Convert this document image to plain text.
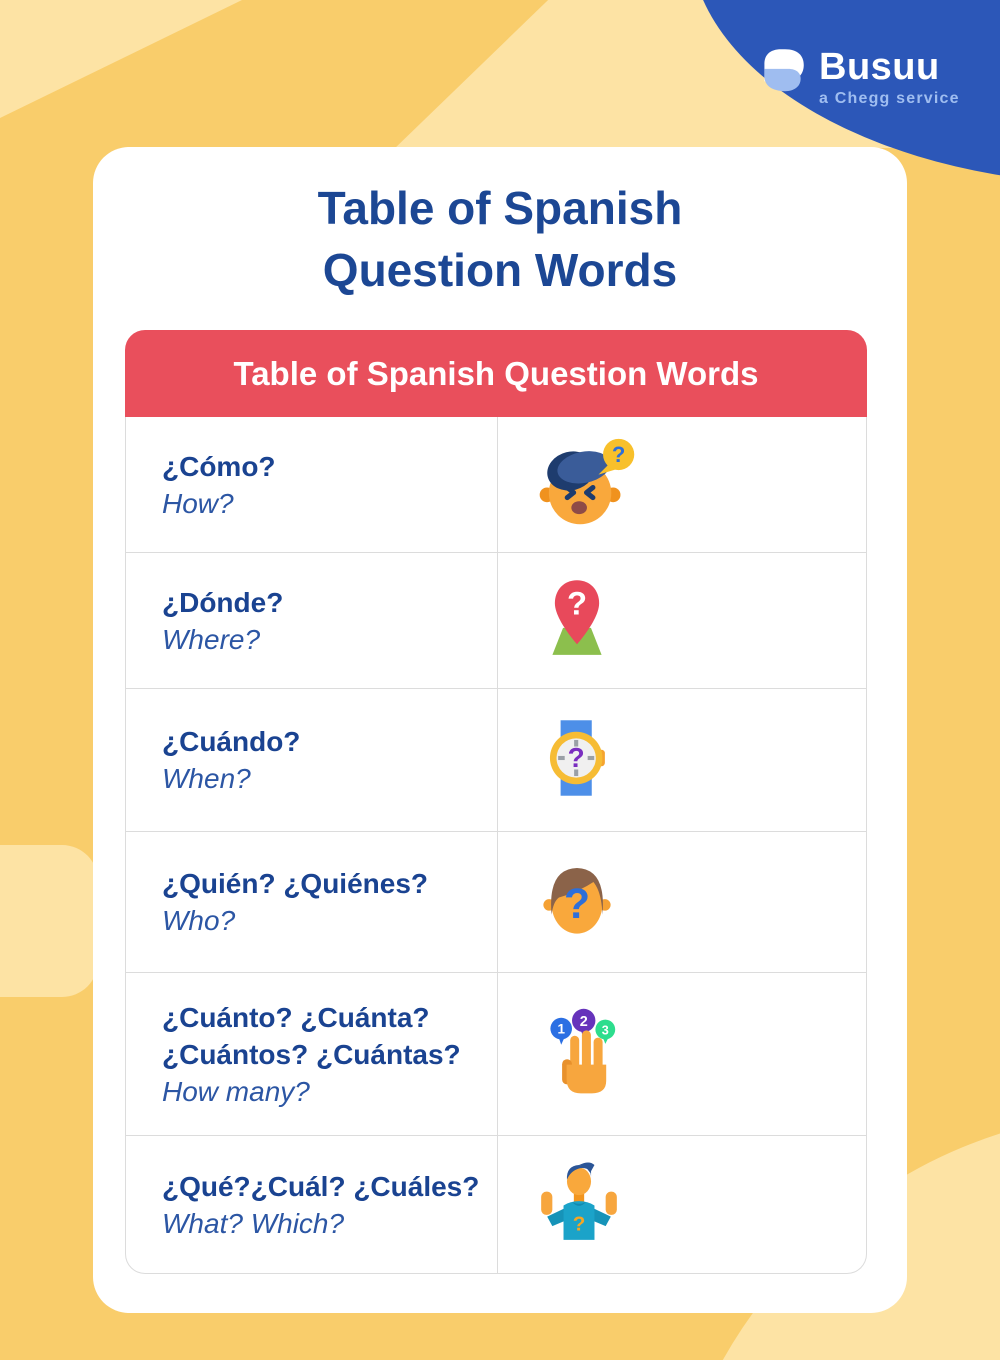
Busuu
a Chegg service
Table of Spanish
Question Words
Table of Spanish Question Words
¿Cómo?
How?
?
¿Dónde?
Where?
?
¿Cuándo?
When?
?
¿Quién? ¿Quiénes?
Who?	?
¿Cuánto? ¿Cuánta?
¿Cuántos? ¿Cuántas?
How many?
1 2
3
¿Qué?¿Cuál? ¿Cuáles?
What? Which?	?
